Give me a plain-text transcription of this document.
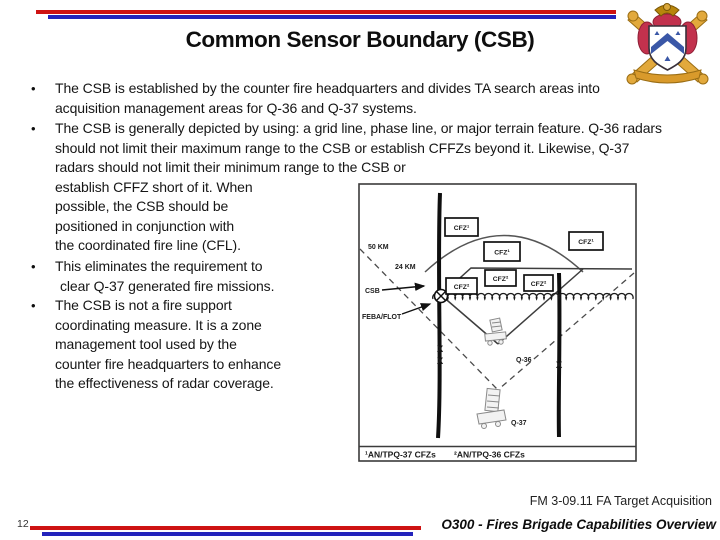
Common Sensor Boundary (CSB)
• The CSB is established by the counter fire headquarters and divides TA search areas into
acquisition management areas for Q-36 and Q-37 systems.
• The CSB is generally depicted by using: a grid line, phase line, or major terrain feature. Q-36 radars
should not limit their maximum range to the CSB or establish CFFZs beyond it. Likewise, Q-37
radars should not limit their minimum range to the CSB or
establish CFFZ short of it. When
possible, the CSB should be
positioned in conjunction with
the coordinated fire line (CFL).
• This eliminates the requirement to
clear Q-37 generated fire missions.
• The CSB is not a fire support
coordinating measure. It is a zone
management tool used by the
counter fire headquarters to enhance
the effectiveness of radar coverage.
X
X	X
CFZ¹
CFZ¹
CFZ¹
CFZ²
CFZ²	CFZ²
50 KM
24 KM
CSB
FEBA/FLOT
Q-36
Q-37
¹AN/TPQ-37 CFZs ²AN/TPQ-36 CFZs
FM 3-09.11 FA Target Acquisition
O300 - Fires Brigade Capabilities Overview
12
